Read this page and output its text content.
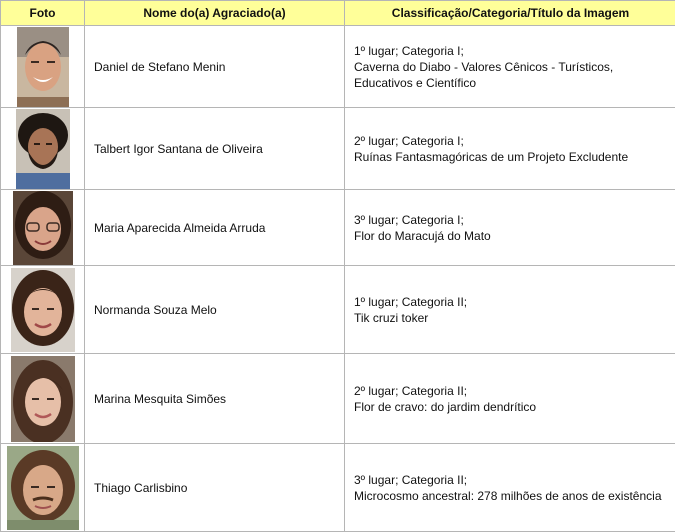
Foto	Nome do(a) Agraciado(a)	Classificação/Categoria/Título da Imagem

	Daniel de Stefano Menin	1º lugar; Categoria I;
Caverna do Diabo - Valores Cênicos - Turísticos,
Educativos e Científico

	Talbert Igor Santana de Oliveira	2º lugar; Categoria I;
Ruínas Fantasmagóricas de um Projeto Excludente

	Maria Aparecida Almeida Arruda	3º lugar; Categoria I;
Flor do Maracujá do Mato

	Normanda Souza Melo	1º lugar; Categoria II;
Tik cruzi toker

	Marina Mesquita Simões	2º lugar; Categoria II;
Flor de cravo: do jardim dendrítico

	Thiago Carlisbino	3º lugar; Categoria II;
Microcosmo ancestral: 278 milhões de anos de existência
